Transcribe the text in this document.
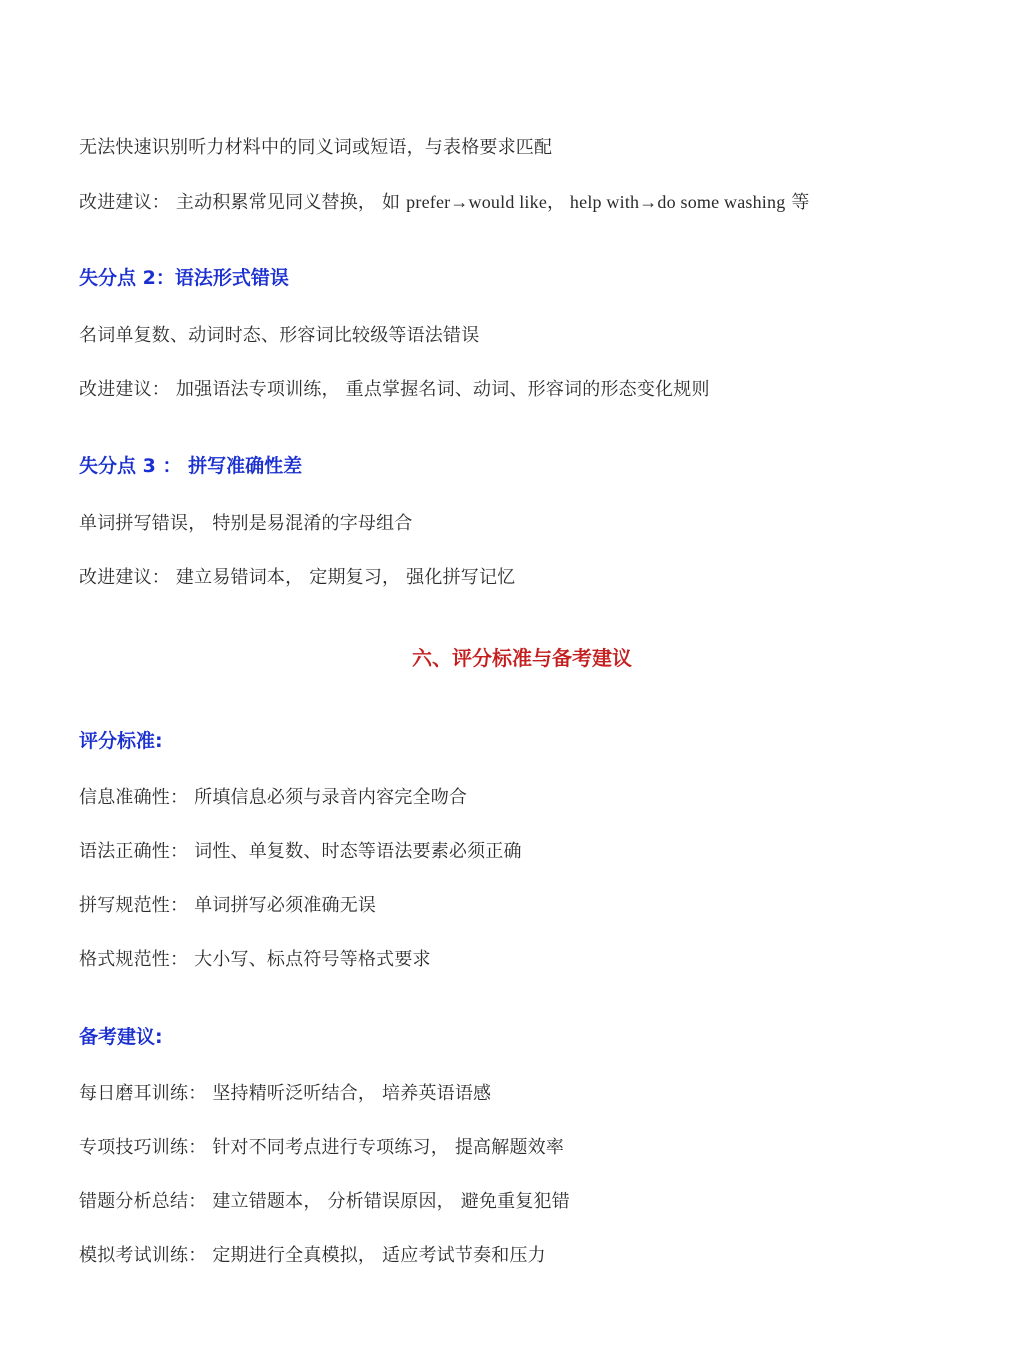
无法快速识别听力材料中的同义词或短语，与表格要求匹配
改进建议： 主动积累常见同义替换， 如 prefer→would like， help with→do some washing 等
失分点 2：语法形式错误
名词单复数、动词时态、形容词比较级等语法错误
改进建议： 加强语法专项训练， 重点掌握名词、动词、形容词的形态变化规则
失分点 3 ： 拼写准确性差
单词拼写错误， 特别是易混淆的字母组合
改进建议： 建立易错词本， 定期复习， 强化拼写记忆
六、评分标准与备考建议
评分标准:
信息准确性： 所填信息必须与录音内容完全吻合
语法正确性： 词性、单复数、时态等语法要素必须正确
拼写规范性： 单词拼写必须准确无误
格式规范性： 大小写、标点符号等格式要求
备考建议:
每日磨耳训练： 坚持精听泛听结合， 培养英语语感
专项技巧训练： 针对不同考点进行专项练习， 提高解题效率
错题分析总结： 建立错题本， 分析错误原因， 避免重复犯错
模拟考试训练： 定期进行全真模拟， 适应考试节奏和压力
